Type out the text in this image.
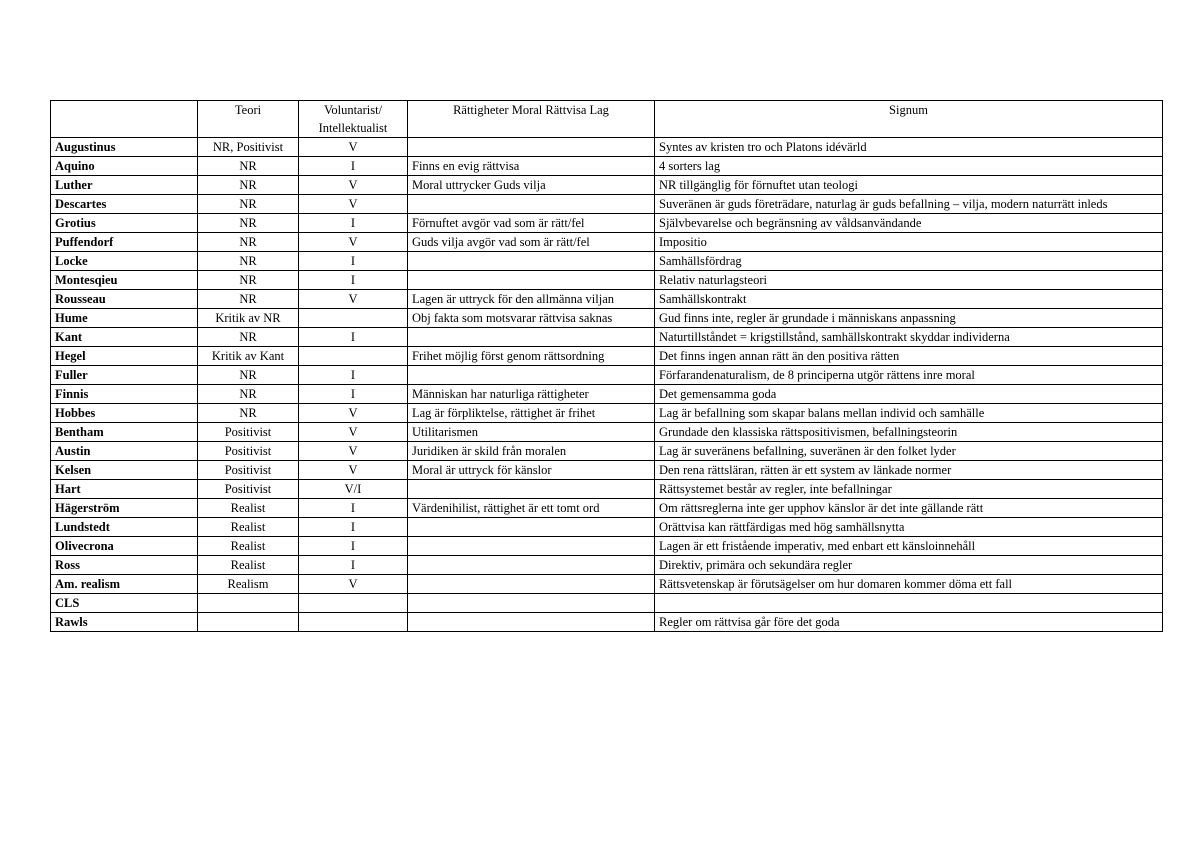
	Teori	Voluntarist/ Intellektualist	Rättigheter Moral Rättvisa Lag	Signum
Augustinus	NR, Positivist	V		Syntes av kristen tro och Platons idévärld
Aquino	NR	I	Finns en evig rättvisa	4 sorters lag
Luther	NR	V	Moral uttrycker Guds vilja	NR tillgänglig för förnuftet utan teologi
Descartes	NR	V		Suveränen är guds företrädare, naturlag är guds befallning – vilja, modern naturrätt inleds
Grotius	NR	I	Förnuftet avgör vad som är rätt/fel	Självbevarelse och begränsning av våldsanvändande
Puffendorf	NR	V	Guds vilja avgör vad som är rätt/fel	Impositio
Locke	NR	I		Samhällsfördrag
Montesqieu	NR	I		Relativ naturlagsteori
Rousseau	NR	V	Lagen är uttryck för den allmänna viljan	Samhällskontrakt
Hume	Kritik av NR		Obj fakta som motsvarar rättvisa saknas	Gud finns inte, regler är grundade i människans anpassning
Kant	NR	I		Naturtillståndet = krigstillstånd, samhällskontrakt skyddar individerna
Hegel	Kritik av Kant		Frihet möjlig först genom rättsordning	Det finns ingen annan rätt än den positiva rätten
Fuller	NR	I		Förfarandenaturalism, de 8 principerna utgör rättens inre moral
Finnis	NR	I	Människan har naturliga rättigheter	Det gemensamma goda
Hobbes	NR	V	Lag är förpliktelse, rättighet är frihet	Lag är befallning som skapar balans mellan individ och samhälle
Bentham	Positivist	V	Utilitarismen	Grundade den klassiska rättspositivismen, befallningsteorin
Austin	Positivist	V	Juridiken är skild från moralen	Lag är suveränens befallning, suveränen är den folket lyder
Kelsen	Positivist	V	Moral är uttryck för känslor	Den rena rättsläran, rätten är ett system av länkade normer
Hart	Positivist	V/I		Rättsystemet består av regler, inte befallningar
Hägerström	Realist	I	Värdenihilist, rättighet är ett tomt ord	Om rättsreglerna inte ger upphov känslor är det inte gällande rätt
Lundstedt	Realist	I		Orättvisa kan rättfärdigas med hög samhällsnytta
Olivecrona	Realist	I		Lagen är ett fristående imperativ, med enbart ett känsloinnehåll
Ross	Realist	I		Direktiv, primära och sekundära regler
Am. realism	Realism	V		Rättsvetenskap är förutsägelser om hur domaren kommer döma ett fall
CLS				
Rawls				Regler om rättvisa går före det goda
